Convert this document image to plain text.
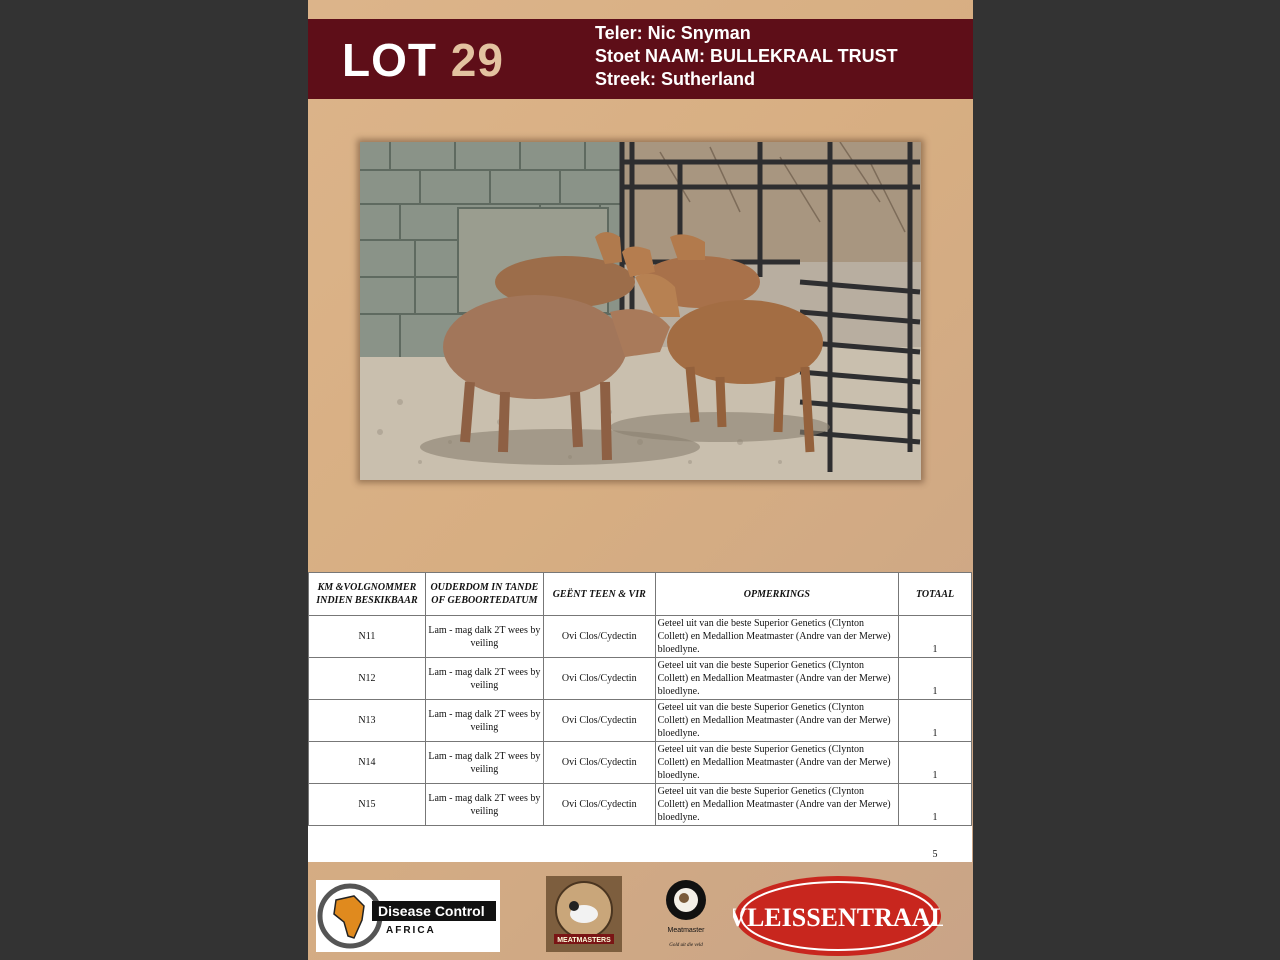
LOT 29
Teler: Nic Snyman
Stoet NAAM: BULLEKRAAL TRUST
Streek: Sutherland
KM &VOLGNOMMER INDIEN BESKIKBAAR	OUDERDOM IN TANDE OF GEBOORTEDATUM	GEËNT TEEN & VIR	OPMERKINGS	TOTAAL
N11	Lam - mag dalk 2T wees by veiling	Ovi Clos/Cydectin	Geteel uit van die beste Superior Genetics (Clynton Collett) en Medallion Meatmaster (Andre van der Merwe) bloedlyne.	1
N12	Lam - mag dalk 2T wees by veiling	Ovi Clos/Cydectin	Geteel uit van die beste Superior Genetics (Clynton Collett) en Medallion Meatmaster (Andre van der Merwe) bloedlyne.	1
N13	Lam - mag dalk 2T wees by veiling	Ovi Clos/Cydectin	Geteel uit van die beste Superior Genetics (Clynton Collett) en Medallion Meatmaster (Andre van der Merwe) bloedlyne.	1
N14	Lam - mag dalk 2T wees by veiling	Ovi Clos/Cydectin	Geteel uit van die beste Superior Genetics (Clynton Collett) en Medallion Meatmaster (Andre van der Merwe) bloedlyne.	1
N15	Lam - mag dalk 2T wees by veiling	Ovi Clos/Cydectin	Geteel uit van die beste Superior Genetics (Clynton Collett) en Medallion Meatmaster (Andre van der Merwe) bloedlyne.	1
				5
Disease Control
AFRICA
MEATMASTERS
Meatmaster
Gold uit die veld
VLEISSENTRAAL
